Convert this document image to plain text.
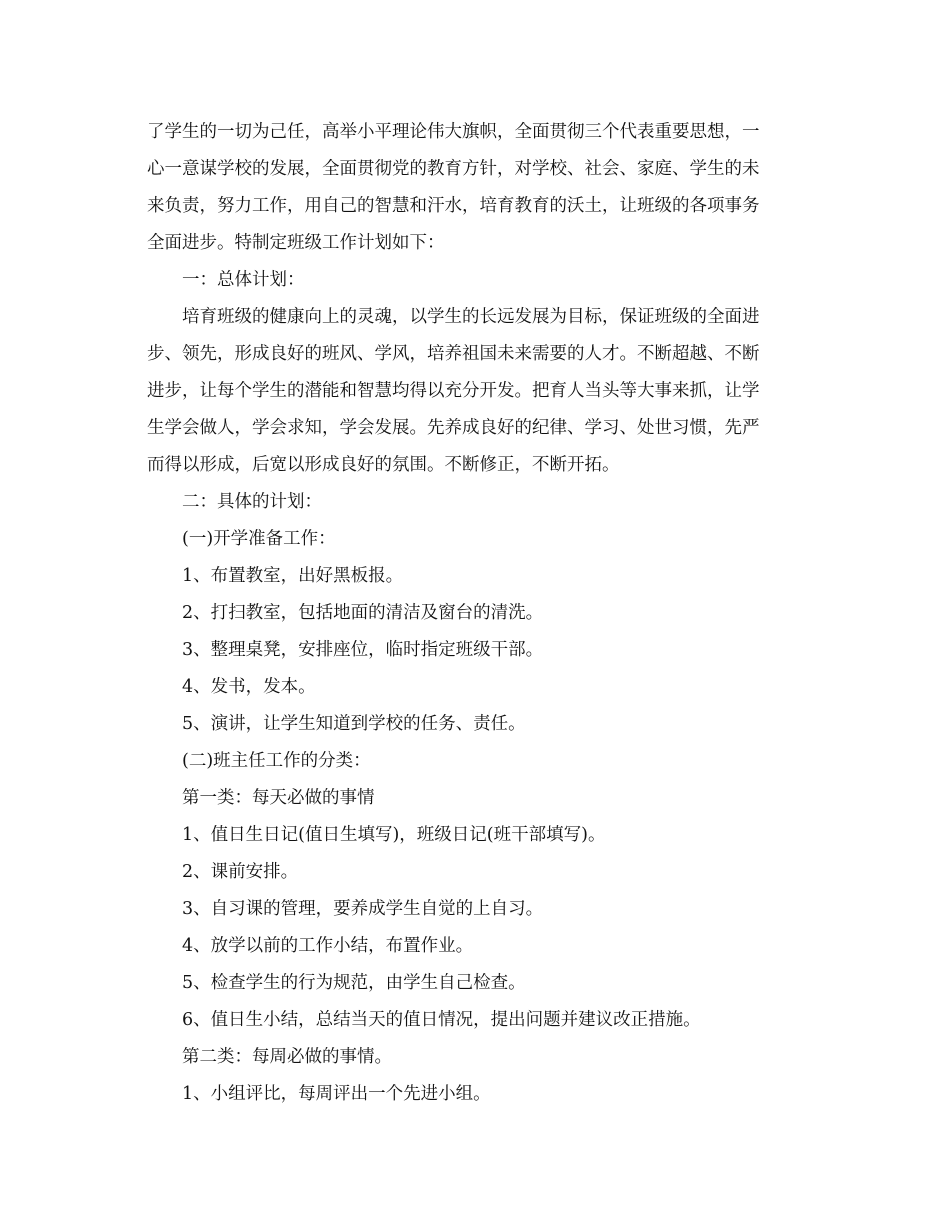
了学生的一切为己任，高举小平理论伟大旗帜，全面贯彻三个代表重要思想，一
心一意谋学校的发展，全面贯彻党的教育方针，对学校、社会、家庭、学生的未
来负责，努力工作，用自己的智慧和汗水，培育教育的沃土，让班级的各项事务
全面进步。特制定班级工作计划如下：
一：总体计划：
培育班级的健康向上的灵魂，以学生的长远发展为目标，保证班级的全面进
步、领先，形成良好的班风、学风，培养祖国未来需要的人才。不断超越、不断
进步，让每个学生的潜能和智慧均得以充分开发。把育人当头等大事来抓，让学
生学会做人，学会求知，学会发展。先养成良好的纪律、学习、处世习惯，先严
而得以形成，后宽以形成良好的氛围。不断修正，不断开拓。
二：具体的计划：
(一)开学准备工作：
1、布置教室，出好黑板报。
2、打扫教室，包括地面的清洁及窗台的清洗。
3、整理桌凳，安排座位，临时指定班级干部。
4、发书，发本。
5、演讲，让学生知道到学校的任务、责任。
(二)班主任工作的分类：
第一类：每天必做的事情
1、值日生日记(值日生填写)，班级日记(班干部填写)。
2、课前安排。
3、自习课的管理，要养成学生自觉的上自习。
4、放学以前的工作小结，布置作业。
5、检查学生的行为规范，由学生自己检查。
6、值日生小结，总结当天的值日情况，提出问题并建议改正措施。
第二类：每周必做的事情。
1、小组评比，每周评出一个先进小组。
